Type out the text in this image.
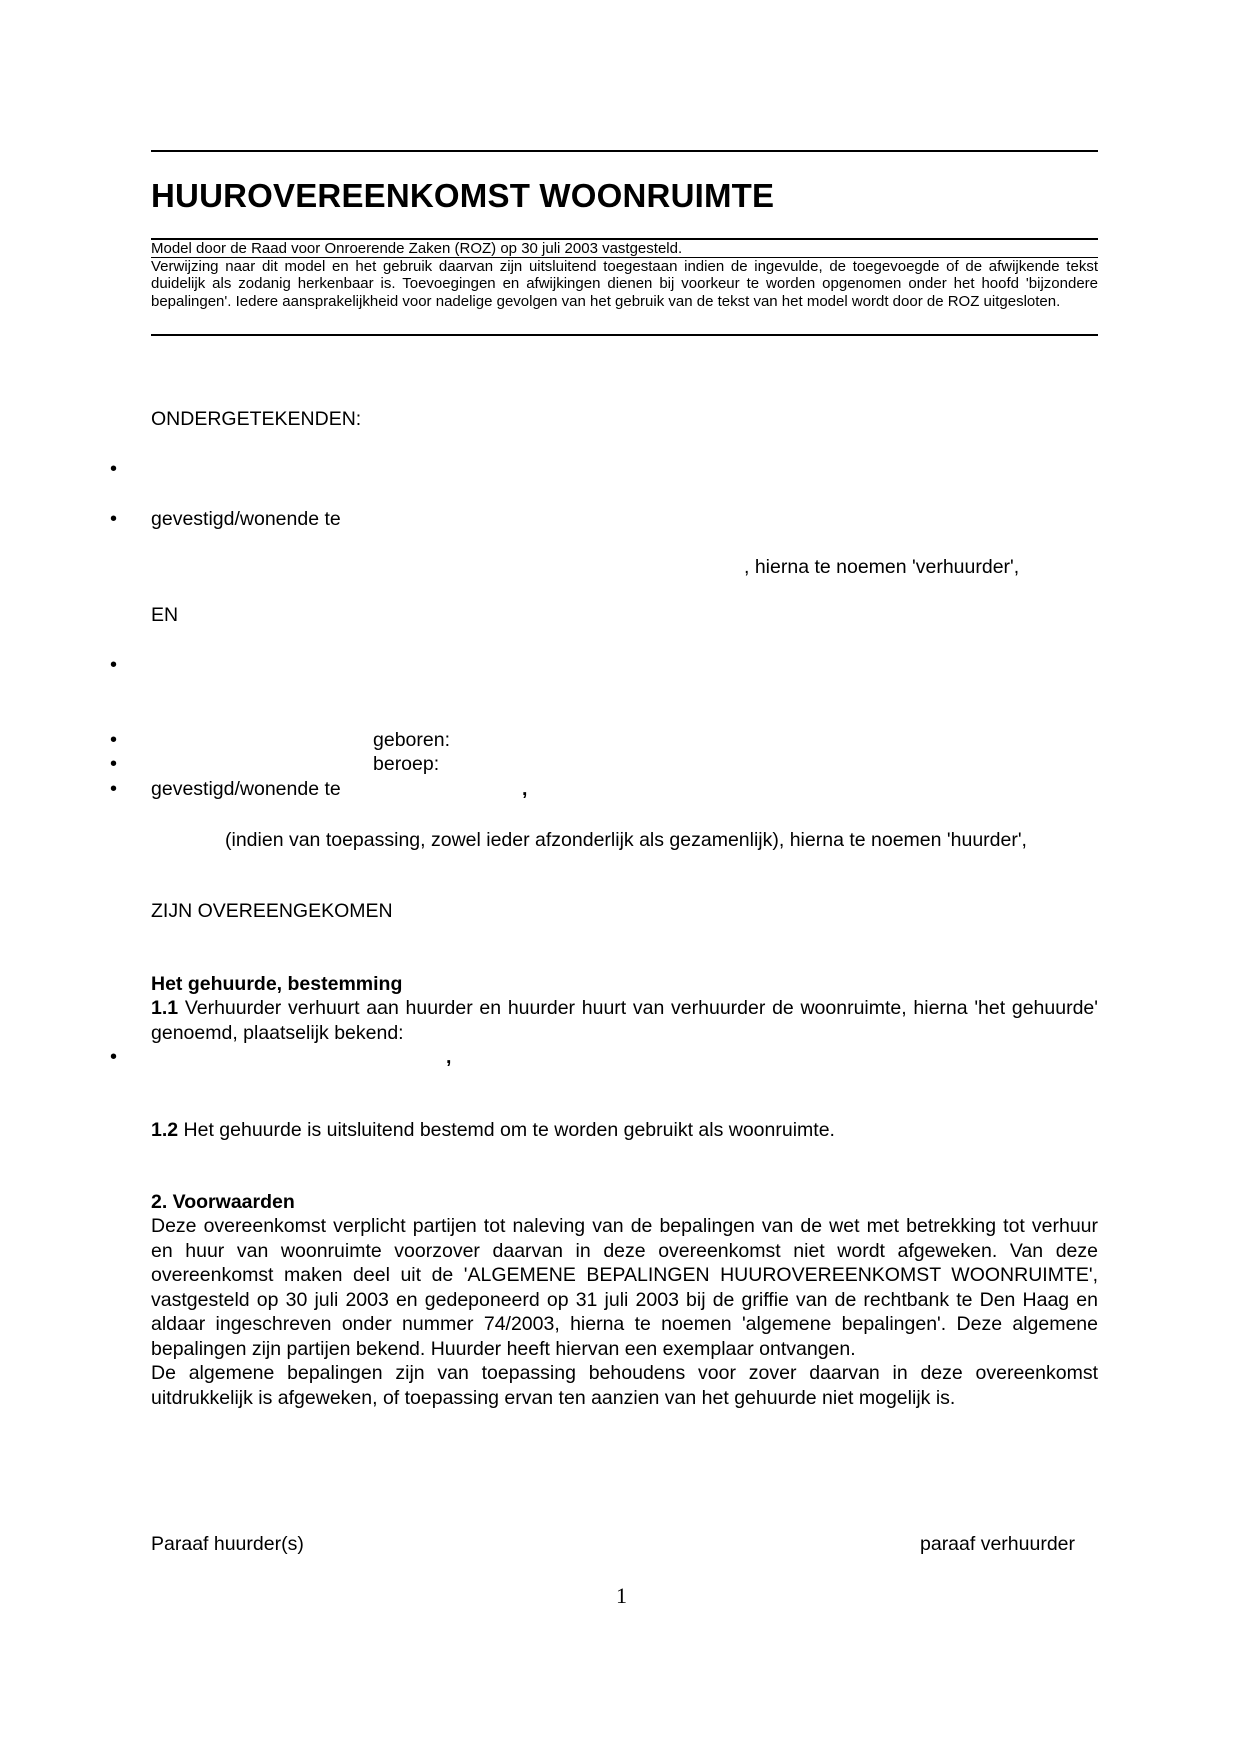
HUUROVEREENKOMST WOONRUIMTE

Model door de Raad voor Onroerende Zaken (ROZ) op 30 juli 2003 vastgesteld.

Verwijzing naar dit model en het gebruik daarvan zijn uitsluitend toegestaan indien de ingevulde, de toegevoegde of de afwijkende tekst duidelijk als zodanig herkenbaar is. Toevoegingen en afwijkingen dienen bij voorkeur te worden opgenomen onder het hoofd 'bijzondere bepalingen'. Iedere aansprakelijkheid voor nadelige gevolgen van het gebruik van de tekst van het model wordt door de ROZ uitgesloten.

ONDERGETEKENDEN:
•
• gevestigd/wonende te
, hierna te noemen 'verhuurder',
EN
•
•	geboren:
•	beroep:
• gevestigd/wonende te	,
(indien van toepassing, zowel ieder afzonderlijk als gezamenlijk), hierna te noemen 'huurder',
ZIJN OVEREENGEKOMEN
Het gehuurde, bestemming

1.1 Verhuurder verhuurt aan huurder en huurder huurt van verhuurder de woonruimte, hierna 'het gehuurde' genoemd, plaatselijk bekend:

•	,

1.2 Het gehuurde is uitsluitend bestemd om te worden gebruikt als woonruimte.

2. Voorwaarden

Deze overeenkomst verplicht partijen tot naleving van de bepalingen van de wet met betrekking tot verhuur en huur van woonruimte voorzover daarvan in deze overeenkomst niet wordt afgeweken. Van deze overeenkomst maken deel uit de 'ALGEMENE BEPALINGEN HUUROVEREENKOMST WOONRUIMTE', vastgesteld op 30 juli 2003 en gedeponeerd op 31 juli 2003 bij de griffie van de rechtbank te Den Haag en aldaar ingeschreven onder nummer 74/2003, hierna te noemen 'algemene bepalingen'. Deze algemene bepalingen zijn partijen bekend. Huurder heeft hiervan een exemplaar ontvangen.

De algemene bepalingen zijn van toepassing behoudens voor zover daarvan in deze overeenkomst uitdrukkelijk is afgeweken, of toepassing ervan ten aanzien van het gehuurde niet mogelijk is.

Paraaf huurder(s)	paraaf verhuurder
1
